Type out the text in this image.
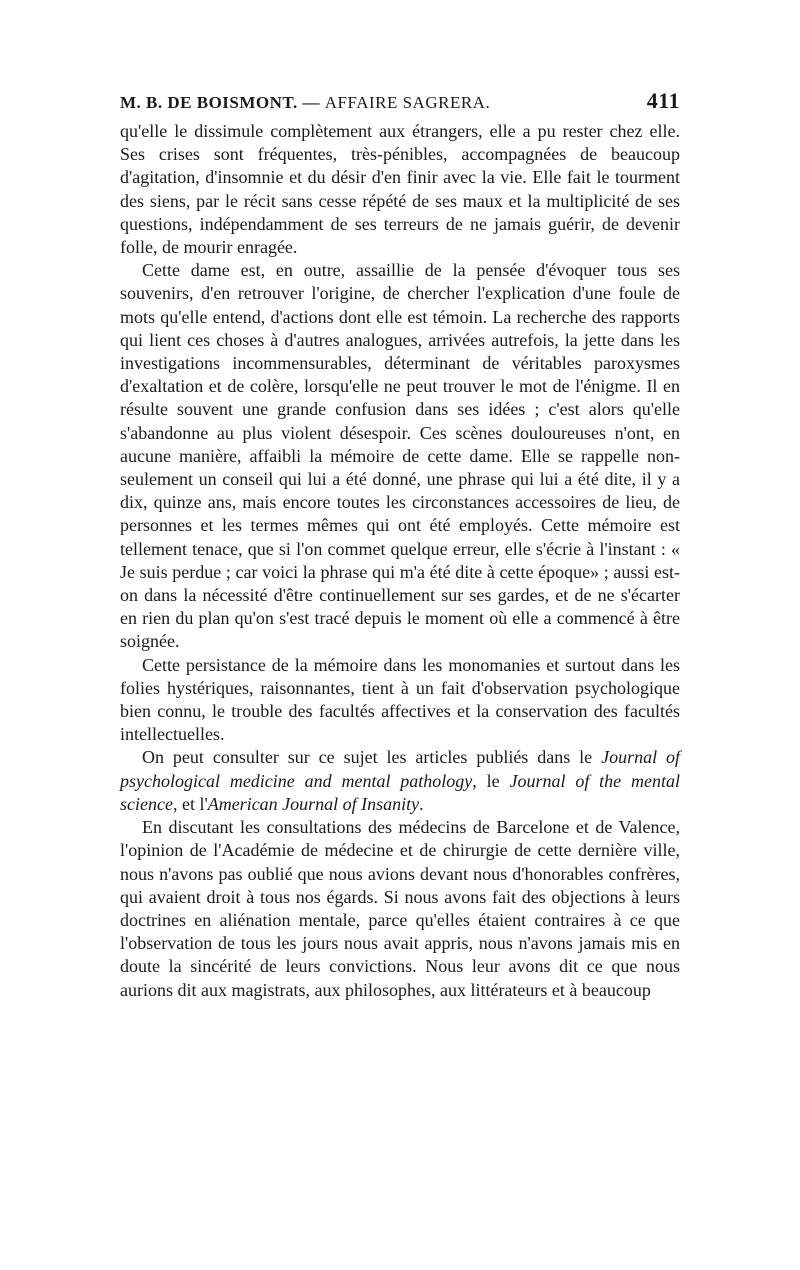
M. B. DE BOISMONT. — AFFAIRE SAGRERA.	411

qu'elle le dissimule complètement aux étrangers, elle a pu rester chez elle. Ses crises sont fréquentes, très-pénibles, accompagnées de beaucoup d'agitation, d'insomnie et du désir d'en finir avec la vie. Elle fait le tourment des siens, par le récit sans cesse répété de ses maux et la multiplicité de ses questions, indépendamment de ses terreurs de ne jamais guérir, de devenir folle, de mourir enragée.

Cette dame est, en outre, assaillie de la pensée d'évoquer tous ses souvenirs, d'en retrouver l'origine, de chercher l'explication d'une foule de mots qu'elle entend, d'actions dont elle est témoin. La recherche des rapports qui lient ces choses à d'autres analogues, arrivées autrefois, la jette dans les investigations incommensurables, déterminant de véritables paroxysmes d'exaltation et de colère, lorsqu'elle ne peut trouver le mot de l'énigme. Il en résulte souvent une grande confusion dans ses idées ; c'est alors qu'elle s'abandonne au plus violent désespoir. Ces scènes douloureuses n'ont, en aucune manière, affaibli la mémoire de cette dame. Elle se rappelle non-seulement un conseil qui lui a été donné, une phrase qui lui a été dite, il y a dix, quinze ans, mais encore toutes les circonstances accessoires de lieu, de personnes et les termes mêmes qui ont été employés. Cette mémoire est tellement tenace, que si l'on commet quelque erreur, elle s'écrie à l'instant : « Je suis perdue ; car voici la phrase qui m'a été dite à cette époque» ; aussi est-on dans la nécessité d'être continuellement sur ses gardes, et de ne s'écarter en rien du plan qu'on s'est tracé depuis le moment où elle a commencé à être soignée.

Cette persistance de la mémoire dans les monomanies et surtout dans les folies hystériques, raisonnantes, tient à un fait d'observation psychologique bien connu, le trouble des facultés affectives et la conservation des facultés intellectuelles.

On peut consulter sur ce sujet les articles publiés dans le Journal of psychological medicine and mental pathology, le Journal of the mental science, et l'American Journal of Insanity.

En discutant les consultations des médecins de Barcelone et de Valence, l'opinion de l'Académie de médecine et de chirurgie de cette dernière ville, nous n'avons pas oublié que nous avions devant nous d'honorables confrères, qui avaient droit à tous nos égards. Si nous avons fait des objections à leurs doctrines en aliénation mentale, parce qu'elles étaient contraires à ce que l'observation de tous les jours nous avait appris, nous n'avons jamais mis en doute la sincérité de leurs convictions. Nous leur avons dit ce que nous aurions dit aux magistrats, aux philosophes, aux littérateurs et à beaucoup
